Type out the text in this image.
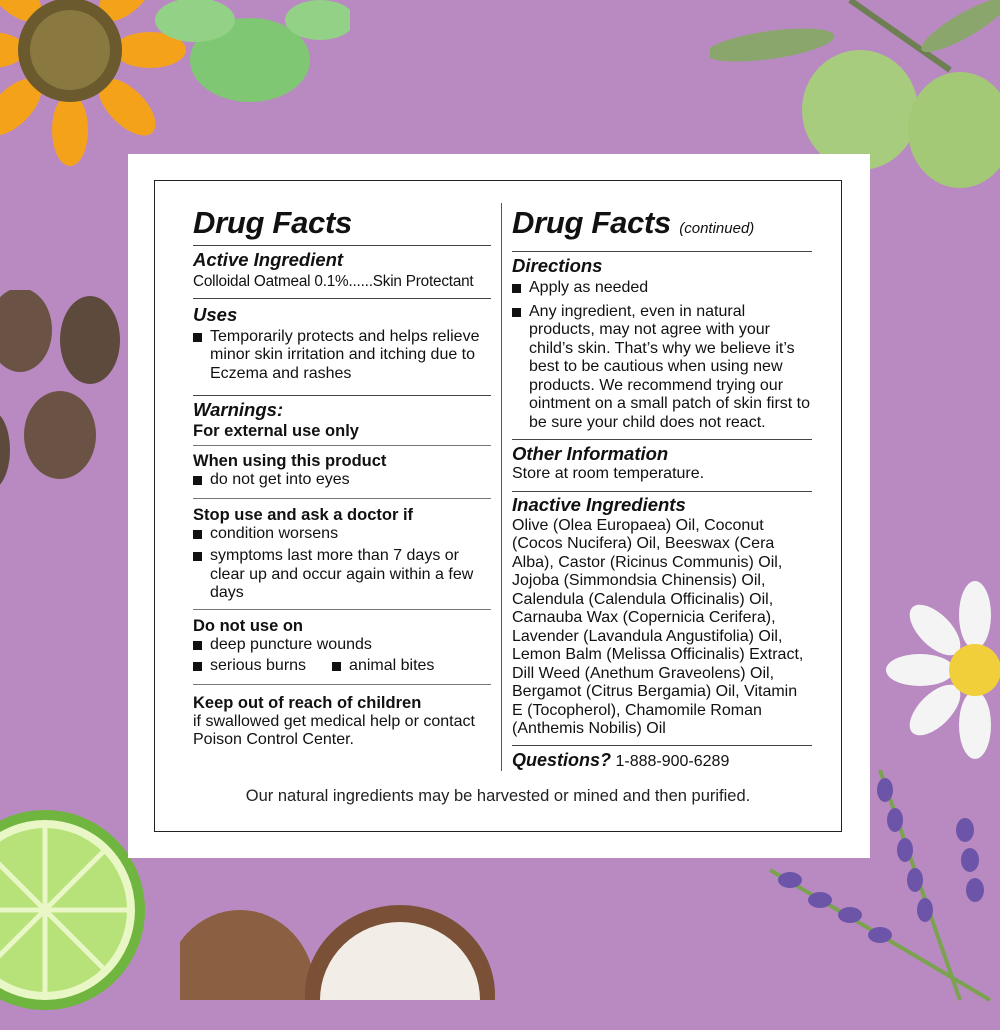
Drug Facts
Active Ingredient
Colloidal Oatmeal 0.1%......Skin Protectant
Uses
Temporarily protects and helps relieve minor skin irritation and itching due to Eczema and rashes
Warnings:
For external use only
When using this product
do not get into eyes
Stop use and ask a doctor if
condition worsens
symptoms last more than 7 days or clear up and occur again within a few days
Do not use on
deep puncture wounds
serious burns	animal bites
Keep out of reach of children
if swallowed get medical help or contact Poison Control Center.
Drug Facts (continued)
Directions
Apply as needed
Any ingredient, even in natural products, may not agree with your child’s skin. That’s why we believe it’s best to be cautious when using new products. We recommend trying our ointment on a small patch of skin first to be sure your child does not react.
Other Information
Store at room temperature.
Inactive Ingredients
Olive (Olea Europaea) Oil, Coconut (Cocos Nucifera) Oil, Beeswax (Cera Alba), Castor (Ricinus Communis) Oil, Jojoba (Simmondsia Chinensis) Oil, Calendula (Calendula Officinalis) Oil, Carnauba Wax (Copernicia Cerifera), Lavender (Lavandula Angustifolia) Oil, Lemon Balm (Melissa Officinalis) Extract, Dill Weed (Anethum Graveolens) Oil, Bergamot (Citrus Bergamia) Oil, Vitamin E (Tocopherol), Chamomile Roman (Anthemis Nobilis) Oil
Questions? 1-888-900-6289
Our natural ingredients may be harvested or mined and then purified.
